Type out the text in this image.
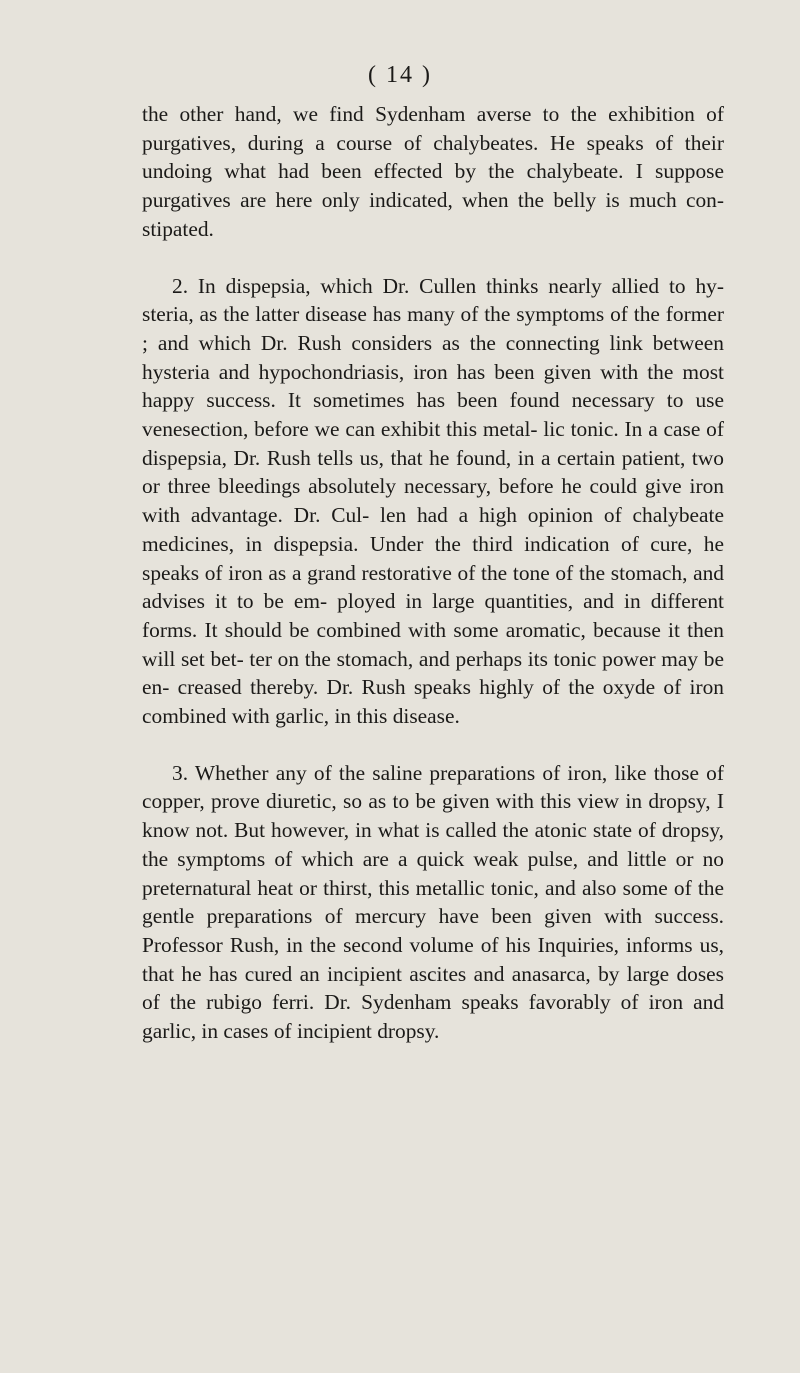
( 14 )

the other hand, we find Sydenham averse to the exhibition of purgatives, during a course of chalybeates. He speaks of their undoing what had been effected by the chalybeate. I suppose purgatives are here only indicated, when the belly is much con- stipated.

2. In dispepsia, which Dr. Cullen thinks nearly allied to hy- steria, as the latter disease has many of the symptoms of the former ; and which Dr. Rush considers as the connecting link between hysteria and hypochondriasis, iron has been given with the most happy success. It sometimes has been found necessary to use venesection, before we can exhibit this metal- lic tonic. In a case of dispepsia, Dr. Rush tells us, that he found, in a certain patient, two or three bleedings absolutely necessary, before he could give iron with advantage. Dr. Cul- len had a high opinion of chalybeate medicines, in dispepsia. Under the third indication of cure, he speaks of iron as a grand restorative of the tone of the stomach, and advises it to be em- ployed in large quantities, and in different forms. It should be combined with some aromatic, because it then will set bet- ter on the stomach, and perhaps its tonic power may be en- creased thereby. Dr. Rush speaks highly of the oxyde of iron combined with garlic, in this disease.

3. Whether any of the saline preparations of iron, like those of copper, prove diuretic, so as to be given with this view in dropsy, I know not. But however, in what is called the atonic state of dropsy, the symptoms of which are a quick weak pulse, and little or no preternatural heat or thirst, this metallic tonic, and also some of the gentle preparations of mercury have been given with success. Professor Rush, in the second volume of his Inquiries, informs us, that he has cured an incipient ascites and anasarca, by large doses of the rubigo ferri. Dr. Sydenham speaks favorably of iron and garlic, in cases of incipient dropsy.
